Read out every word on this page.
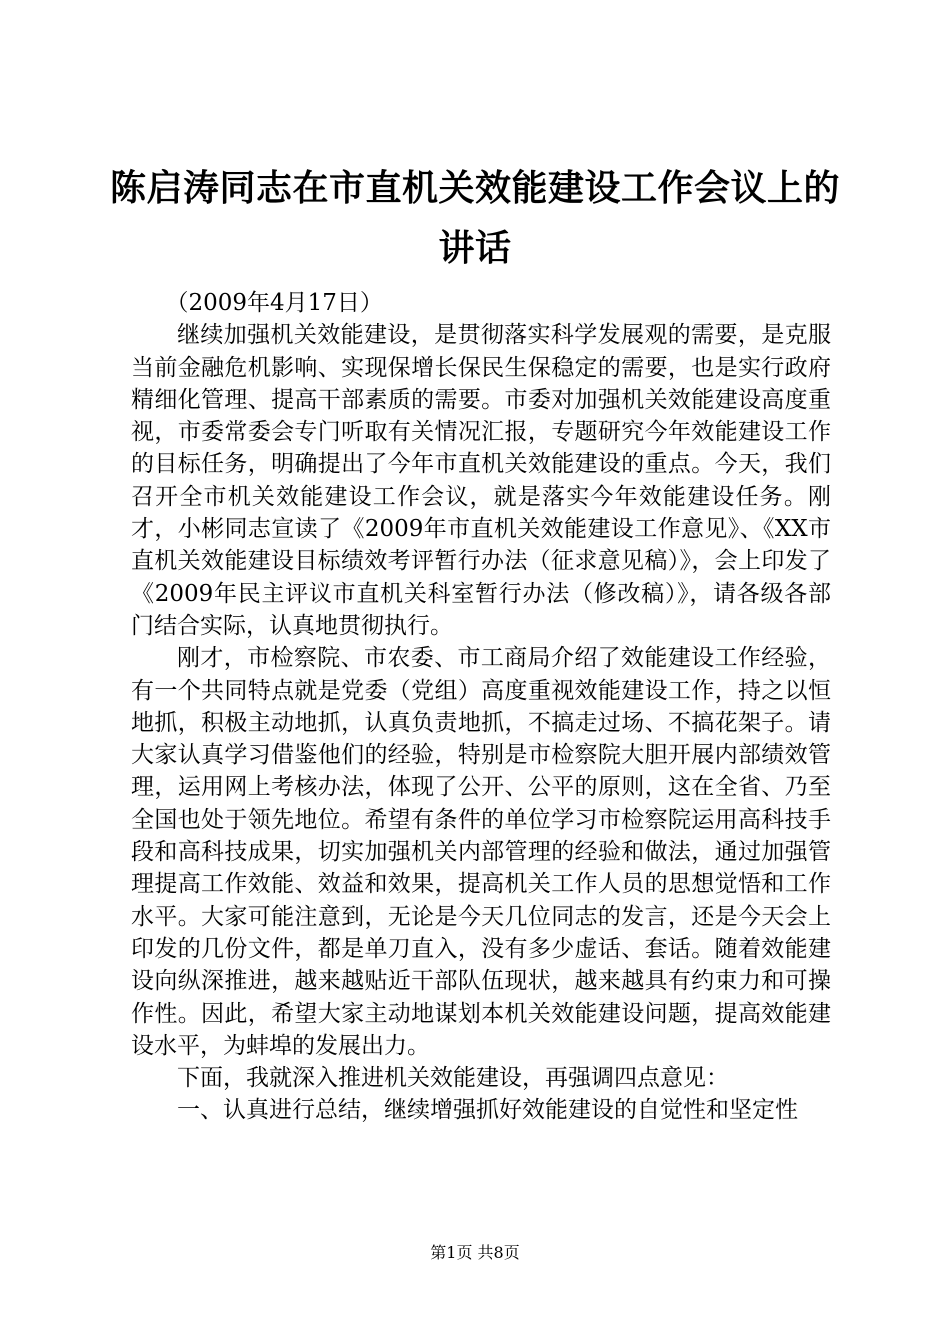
陈启涛同志在市直机关效能建设工作会议上的讲话

（2009年4月17日）

继续加强机关效能建设，是贯彻落实科学发展观的需要，是克服当前金融危机影响、实现保增长保民生保稳定的需要，也是实行政府精细化管理、提高干部素质的需要。市委对加强机关效能建设高度重视，市委常委会专门听取有关情况汇报，专题研究今年效能建设工作的目标任务，明确提出了今年市直机关效能建设的重点。今天，我们召开全市机关效能建设工作会议，就是落实今年效能建设任务。刚才，小彬同志宣读了《2009年市直机关效能建设工作意见》、《XX市直机关效能建设目标绩效考评暂行办法（征求意见稿）》，会上印发了《2009年民主评议市直机关科室暂行办法（修改稿）》，请各级各部门结合实际，认真地贯彻执行。

刚才，市检察院、市农委、市工商局介绍了效能建设工作经验，有一个共同特点就是党委（党组）高度重视效能建设工作，持之以恒地抓，积极主动地抓，认真负责地抓，不搞走过场、不搞花架子。请大家认真学习借鉴他们的经验，特别是市检察院大胆开展内部绩效管理，运用网上考核办法，体现了公开、公平的原则，这在全省、乃至全国也处于领先地位。希望有条件的单位学习市检察院运用高科技手段和高科技成果，切实加强机关内部管理的经验和做法，通过加强管理提高工作效能、效益和效果，提高机关工作人员的思想觉悟和工作水平。大家可能注意到，无论是今天几位同志的发言，还是今天会上印发的几份文件，都是单刀直入，没有多少虚话、套话。随着效能建设向纵深推进，越来越贴近干部队伍现状，越来越具有约束力和可操作性。因此，希望大家主动地谋划本机关效能建设问题，提高效能建设水平，为蚌埠的发展出力。

下面，我就深入推进机关效能建设，再强调四点意见：

一、认真进行总结，继续增强抓好效能建设的自觉性和坚定性

第1页 共8页
